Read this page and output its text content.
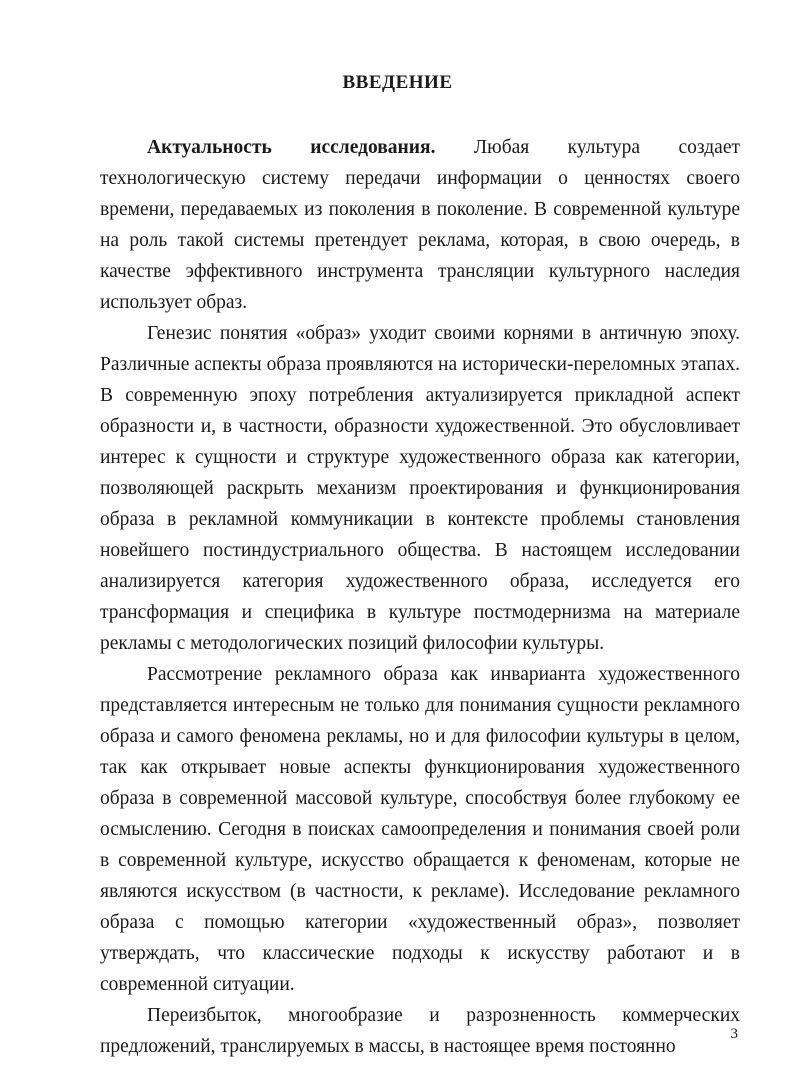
ВВЕДЕНИЕ

Актуальность исследования. Любая культура создает технологическую систему передачи информации о ценностях своего времени, передаваемых из поколения в поколение. В современной культуре на роль такой системы претендует реклама, которая, в свою очередь, в качестве эффективного инструмента трансляции культурного наследия использует образ.

Генезис понятия «образ» уходит своими корнями в античную эпоху. Различные аспекты образа проявляются на исторически-переломных этапах. В современную эпоху потребления актуализируется прикладной аспект образности и, в частности, образности художественной. Это обусловливает интерес к сущности и структуре художественного образа как категории, позволяющей раскрыть механизм проектирования и функционирования образа в рекламной коммуникации в контексте проблемы становления новейшего постиндустриального общества. В настоящем исследовании анализируется категория художественного образа, исследуется его трансформация и специфика в культуре постмодернизма на материале рекламы с методологических позиций философии культуры.

Рассмотрение рекламного образа как инварианта художественного представляется интересным не только для понимания сущности рекламного образа и самого феномена рекламы, но и для философии культуры в целом, так как открывает новые аспекты функционирования художественного образа в современной массовой культуре, способствуя более глубокому ее осмыслению. Сегодня в поисках самоопределения и понимания своей роли в современной культуре, искусство обращается к феноменам, которые не являются искусством (в частности, к рекламе). Исследование рекламного образа с помощью категории «художественный образ», позволяет утверждать, что классические подходы к искусству работают и в современной ситуации.

Переизбыток, многообразие и разрозненность коммерческих предложений, транслируемых в массы, в настоящее время постоянно

3
